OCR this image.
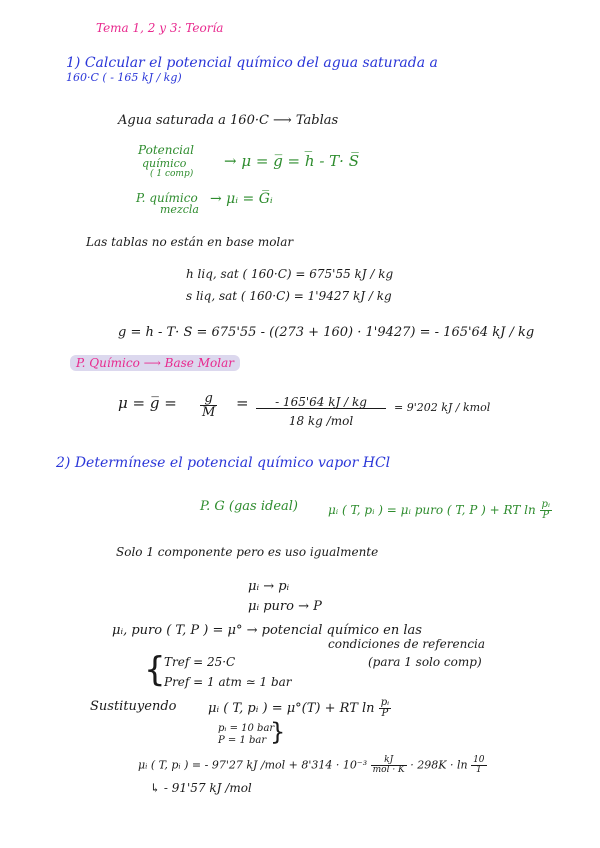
Tema 1, 2 y 3: Teoría
1) Calcular el potencial químico del agua saturada a
160·C ( - 165 kJ / kg)
Agua saturada a 160·C ⟶ Tablas
Potencial
químico
( 1 comp)
→ μ = g̅ = h̅ - T· S̅
P. químico
mezcla
→ μᵢ = G̅ᵢ
Las tablas no están en base molar
h liq, sat ( 160·C) = 675'55 kJ / kg
s liq, sat ( 160·C) = 1'9427 kJ / kg
g = h - T· S = 675'55 - ((273 + 160) · 1'9427) = - 165'64 kJ / kg
P. Químico ⟶ Base Molar
μ = g̅ = $\frac{g}{M} = \frac{- 165'64 kJ / kg}{\text{18 kg /mol}} = 9'202$ kJ / kmol
2) Determínese el potencial químico vapor HCl
P. G (gas ideal)	μᵢ ( T, pᵢ ) = μᵢ puro ( T, P ) + RT $\ln \frac{\text{pᵢ}}{P}$
Solo 1 componente pero es uso igualmente
μᵢ → pᵢ
μᵢ puro → P
μᵢ, puro ( T, P ) = μ° → potencial químico en las
condiciones de referencia
{
Tref = 25·C
Pref = 1 atm ≃ 1 bar
(para 1 solo comp)
Sustituyendo μᵢ ( T, pᵢ ) = μ°(T) + RT $\ln \frac{\text{pᵢ}}{P}$
pᵢ = 10 bar
P = 1 bar }
μᵢ ( T, pᵢ ) = - 97'27 kJ $/mol + 8'314 \cdot 10^{-3} \frac{kJ}{\text{mol · K}} \cdot 298K \cdot \ln \frac{10}{1}$
↳ - 91'57 kJ /mol
